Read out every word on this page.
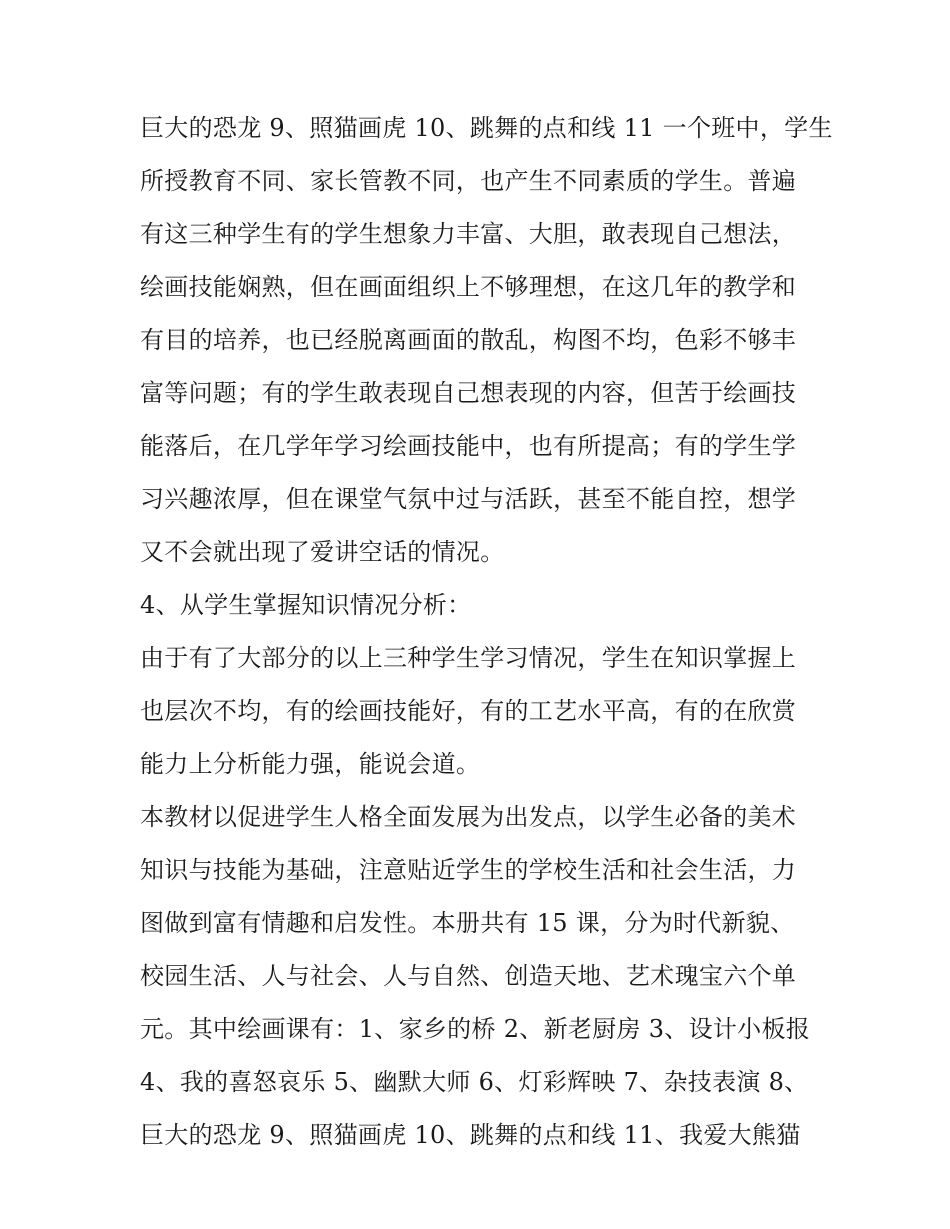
巨大的恐龙 9、照猫画虎 10、跳舞的点和线 11 一个班中，学生
所授教育不同、家长管教不同，也产生不同素质的学生。普遍
有这三种学生有的学生想象力丰富、大胆，敢表现自己想法，
绘画技能娴熟，但在画面组织上不够理想，在这几年的教学和
有目的培养，也已经脱离画面的散乱，构图不均，色彩不够丰
富等问题；有的学生敢表现自己想表现的内容，但苦于绘画技
能落后，在几学年学习绘画技能中，也有所提高；有的学生学
习兴趣浓厚，但在课堂气氛中过与活跃，甚至不能自控，想学
又不会就出现了爱讲空话的情况。
4、从学生掌握知识情况分析：
由于有了大部分的以上三种学生学习情况，学生在知识掌握上
也层次不均，有的绘画技能好，有的工艺水平高，有的在欣赏
能力上分析能力强，能说会道。
本教材以促进学生人格全面发展为出发点，以学生必备的美术
知识与技能为基础，注意贴近学生的学校生活和社会生活，力
图做到富有情趣和启发性。本册共有 15 课，分为时代新貌、
校园生活、人与社会、人与自然、创造天地、艺术瑰宝六个单
元。其中绘画课有：1、家乡的桥 2、新老厨房 3、设计小板报
4、我的喜怒哀乐 5、幽默大师 6、灯彩辉映 7、杂技表演 8、
巨大的恐龙 9、照猫画虎 10、跳舞的点和线 11、我爱大熊猫
